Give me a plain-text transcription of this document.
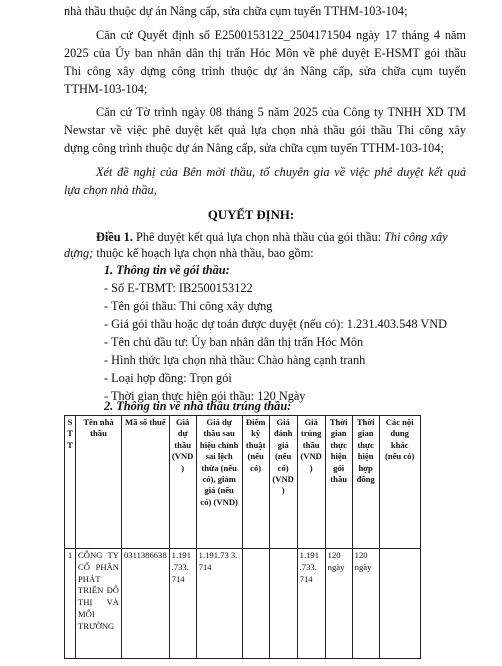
nhà thầu thuộc dự án Nâng cấp, sửa chữa cụm tuyến TTHM-103-104;
Căn cứ Quyết định số E2500153122_2504171504 ngày 17 tháng 4 năm
2025 của Ủy ban nhân dân thị trấn Hóc Môn về phê duyệt E-HSMT gói thầu
Thi công xây dựng công trình thuộc dự án Nâng cấp, sửa chữa cụm tuyến
TTHM-103-104;
Căn cứ Tờ trình ngày 08 tháng 5 năm 2025 của Công ty TNHH XD TM
Newstar về việc phê duyệt kết quả lựa chọn nhà thầu gói thầu Thi công xây
dựng công trình thuộc dự án Nâng cấp, sửa chữa cụm tuyến TTHM-103-104;
Xét đề nghị của Bên mời thầu, tổ chuyên gia về việc phê duyệt kết quả
lựa chọn nhà thầu,
QUYẾT ĐỊNH:
Điều 1. Phê duyệt kết quả lựa chọn nhà thầu của gói thầu: Thi công xây
dựng; thuộc kế hoạch lựa chọn nhà thầu, bao gồm:
1. Thông tin về gói thầu:
- Số E-TBMT: IB2500153122
- Tên gói thầu: Thi công xây dựng
- Giá gói thầu hoặc dự toán được duyệt (nếu có): 1.231.403.548 VND
- Tên chủ đầu tư: Ủy ban nhân dân thị trấn Hóc Môn
- Hình thức lựa chọn nhà thầu: Chào hàng cạnh tranh
- Loại hợp đồng: Trọn gói
- Thời gian thực hiện gói thầu: 120 Ngày
2. Thông tin về nhà thầu trúng thầu:
S T T	Tên nhà thầu	Mã số thuế	Giá dự thầu (VND )	Giá dự thầu sau hiệu chỉnh sai lệch thừa (nếu có), giảm giá (nếu có) (VND)	Điểm kỹ thuật (nếu có)	Giá đánh giá (nếu có) (VND )	Giá trúng thầu (VND )	Thời gian thực hiện gói thầu	Thời gian thực hiện hợp đồng	Các nội dung khác (nếu có)
1	CÔNG TY CỔ PHẦN PHÁT TRIỂN ĐÔ THỊ VÀ MÔI TRƯỜNG	0311386638	1.191 .733. 714	1.191.73 3.714			1.191 .733. 714	120 ngày	120 ngày	
